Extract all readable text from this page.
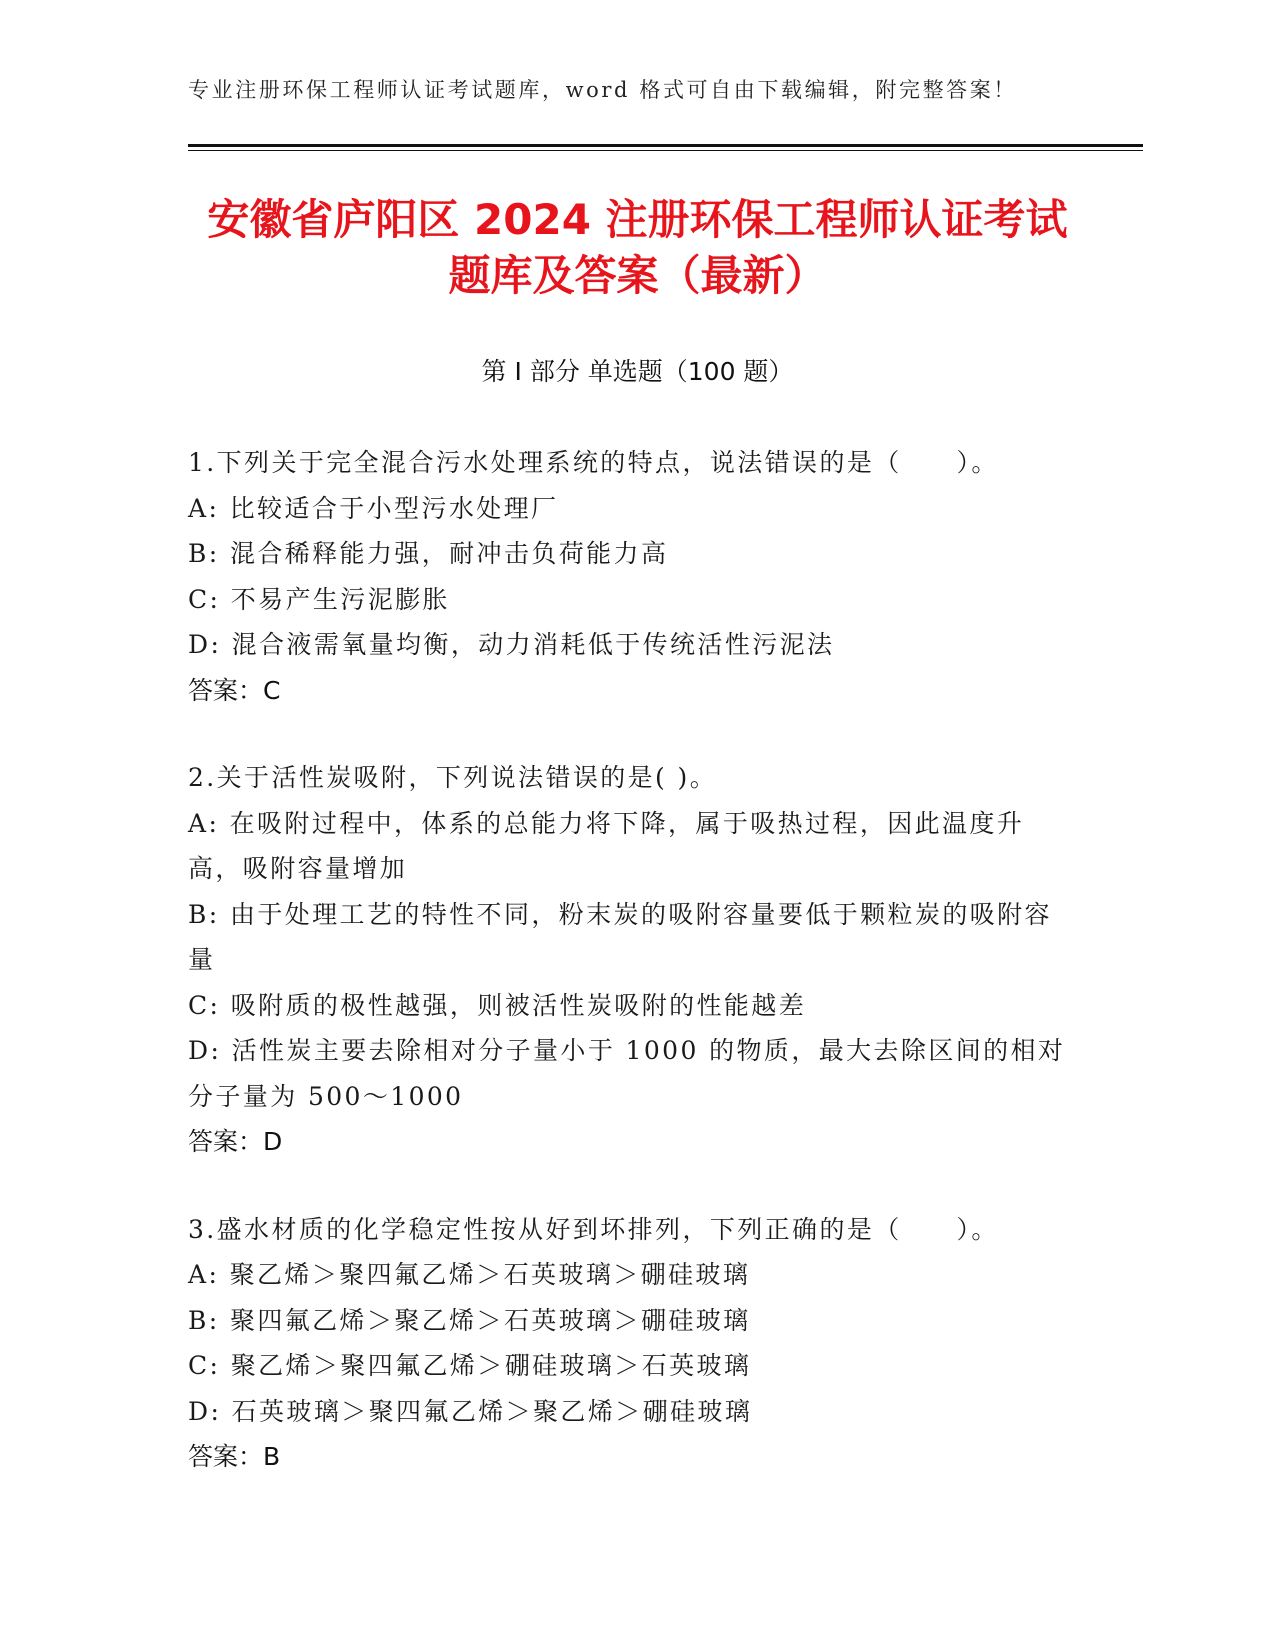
专业注册环保工程师认证考试题库，word 格式可自由下载编辑，附完整答案！
安徽省庐阳区 2024 注册环保工程师认证考试
题库及答案（最新）
第 I 部分 单选题（100 题）
1.下列关于完全混合污水处理系统的特点，说法错误的是（　　）。
A: 比较适合于小型污水处理厂
B: 混合稀释能力强，耐冲击负荷能力高
C: 不易产生污泥膨胀
D: 混合液需氧量均衡，动力消耗低于传统活性污泥法
答案：C
2.关于活性炭吸附，下列说法错误的是( )。
A: 在吸附过程中，体系的总能力将下降，属于吸热过程，因此温度升高，吸附容量增加
B: 由于处理工艺的特性不同，粉末炭的吸附容量要低于颗粒炭的吸附容量
C: 吸附质的极性越强，则被活性炭吸附的性能越差
D: 活性炭主要去除相对分子量小于 1000 的物质，最大去除区间的相对分子量为 500～1000
答案：D
3.盛水材质的化学稳定性按从好到坏排列，下列正确的是（　　）。
A: 聚乙烯＞聚四氟乙烯＞石英玻璃＞硼硅玻璃
B: 聚四氟乙烯＞聚乙烯＞石英玻璃＞硼硅玻璃
C: 聚乙烯＞聚四氟乙烯＞硼硅玻璃＞石英玻璃
D: 石英玻璃＞聚四氟乙烯＞聚乙烯＞硼硅玻璃
答案：B
